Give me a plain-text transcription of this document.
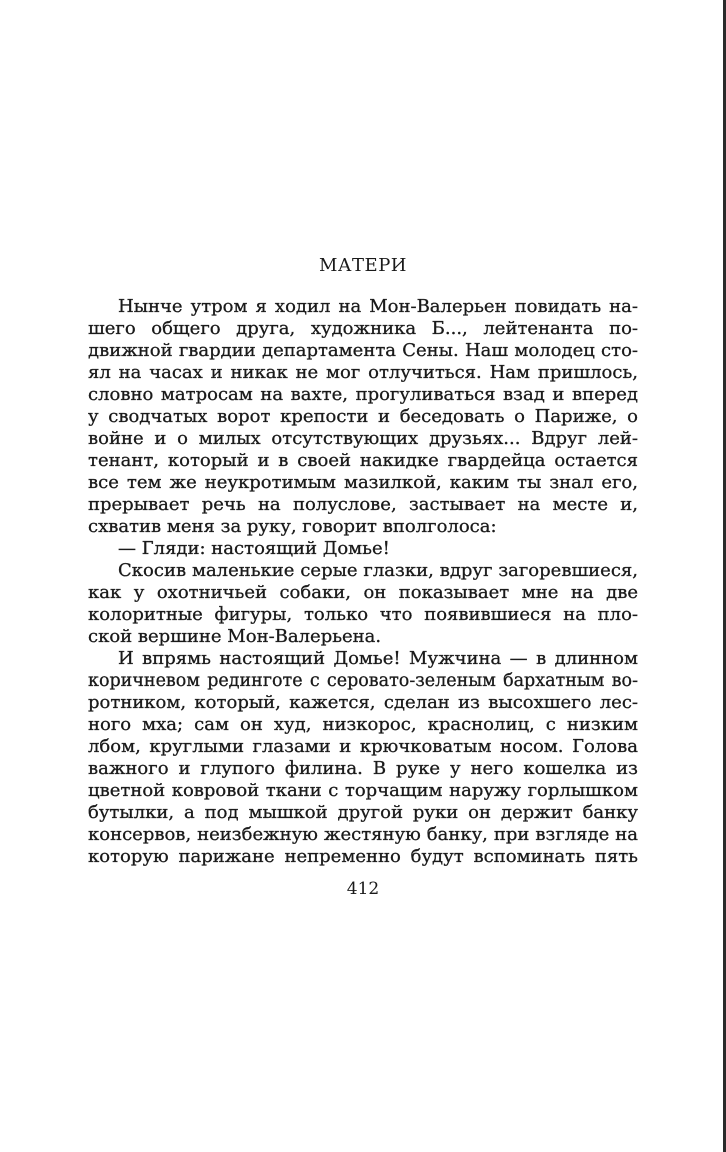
МАТЕРИ
Нынче утром я ходил на Мон-Валерьен повидать на-
шего общего друга, художника Б..., лейтенанта по-
движной гвардии департамента Сены. Наш молодец сто-
ял на часах и никак не мог отлучиться. Нам пришлось,
словно матросам на вахте, прогуливаться взад и вперед
у сводчатых ворот крепости и беседовать о Париже, о
войне и о милых отсутствующих друзьях... Вдруг лей-
тенант, который и в своей накидке гвардейца остается
все тем же неукротимым мазилкой, каким ты знал его,
прерывает речь на полуслове, застывает на месте и,
схватив меня за руку, говорит вполголоса:
— Гляди: настоящий Домье!
Скосив маленькие серые глазки, вдруг загоревшиеся,
как у охотничьей собаки, он показывает мне на две
колоритные фигуры, только что появившиеся на пло-
ской вершине Мон-Валерьена.
И впрямь настоящий Домье! Мужчина — в длинном
коричневом рединготе с серовато-зеленым бархатным во-
ротником, который, кажется, сделан из высохшего лес-
ного мха; сам он худ, низкорос, краснолиц, с низким
лбом, круглыми глазами и крючковатым носом. Голова
важного и глупого филина. В руке у него кошелка из
цветной ковровой ткани с торчащим наружу горлышком
бутылки, а под мышкой другой руки он держит банку
консервов, неизбежную жестяную банку, при взгляде на
которую парижане непременно будут вспоминать пять
412
